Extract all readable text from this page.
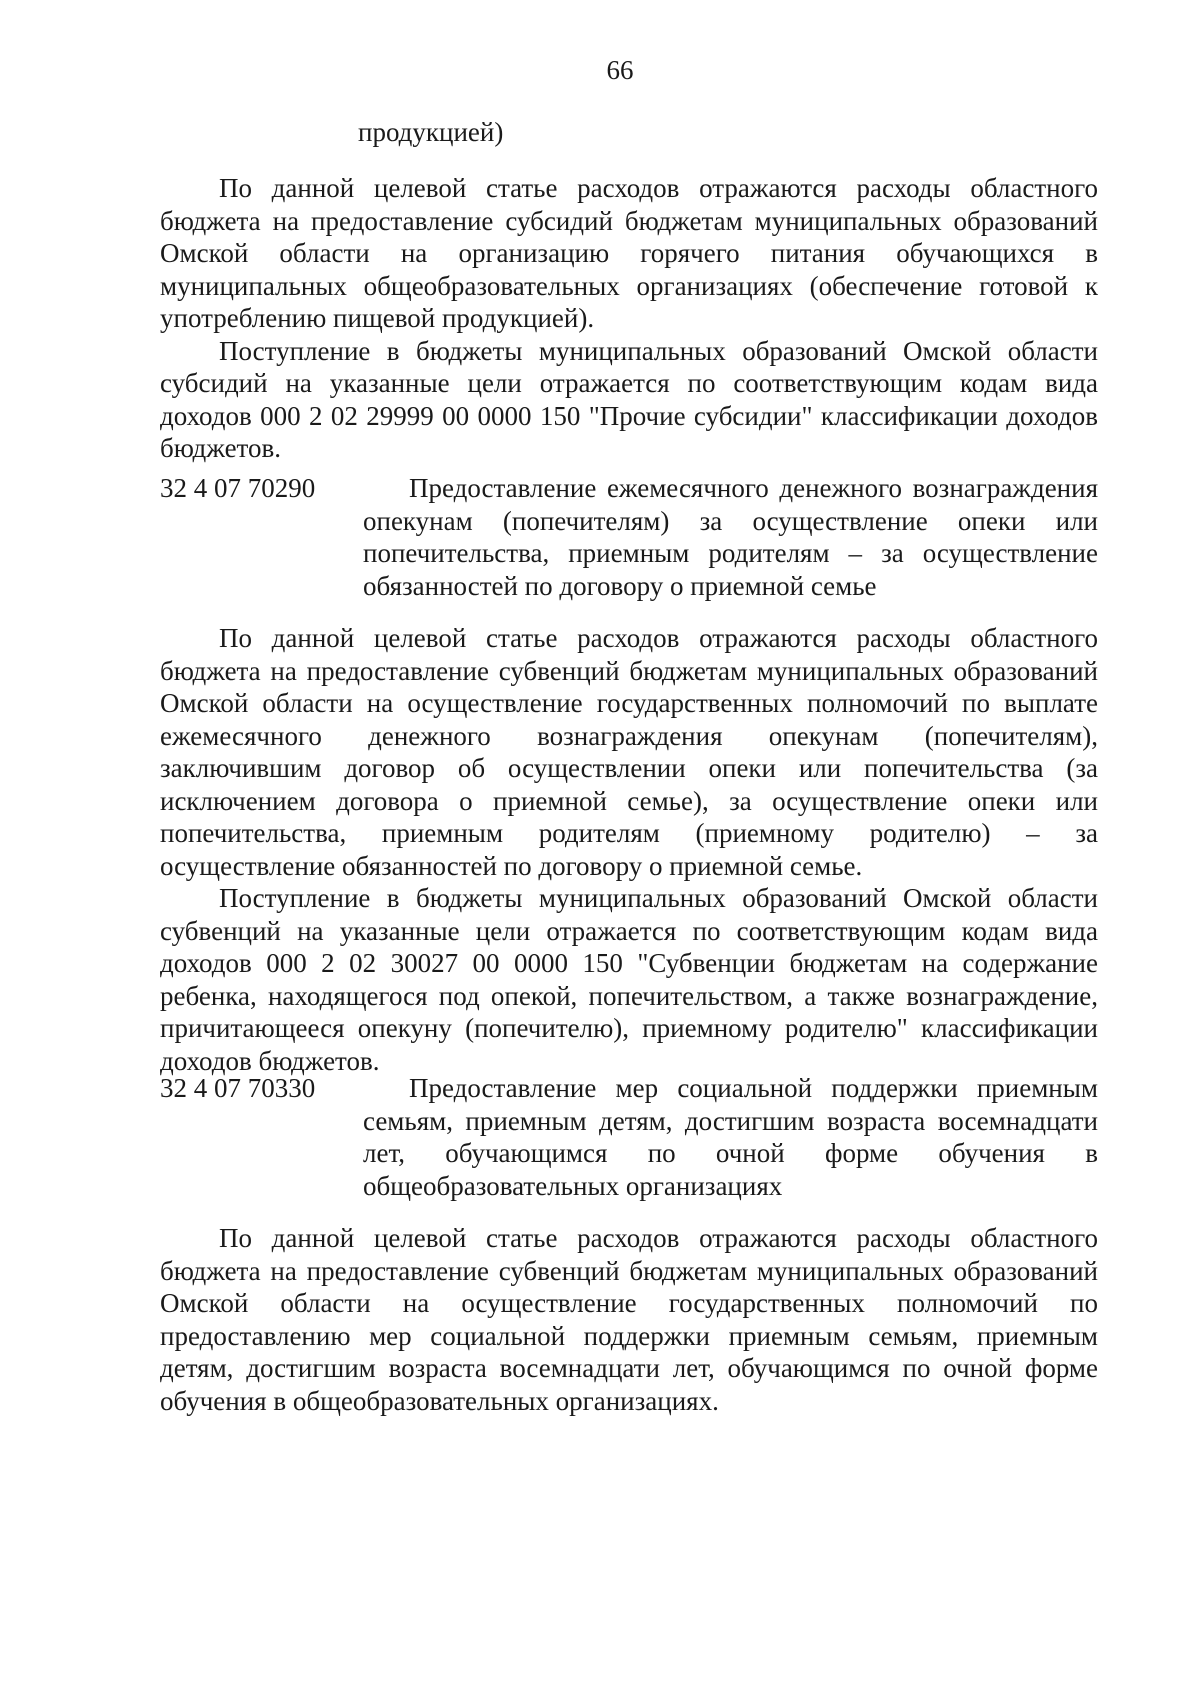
66
продукцией)

По данной целевой статье расходов отражаются расходы областного бюджета на предоставление субсидий бюджетам муниципальных образований Омской области на организацию горячего питания обучающихся в муниципальных общеобразовательных организациях (обеспечение готовой к употреблению пищевой продукцией).

Поступление в бюджеты муниципальных образований Омской области субсидий на указанные цели отражается по соответствующим кодам вида доходов 000 2 02 29999 00 0000 150 "Прочие субсидии" классификации доходов бюджетов.

32 4 07 70290	Предоставление ежемесячного денежного вознаграждения опекунам (попечителям) за осуществление опеки или попечительства, приемным родителям – за осуществление обязанностей по договору о приемной семье

По данной целевой статье расходов отражаются расходы областного бюджета на предоставление субвенций бюджетам муниципальных образований Омской области на осуществление государственных полномочий по выплате ежемесячного денежного вознаграждения опекунам (попечителям), заключившим договор об осуществлении опеки или попечительства (за исключением договора о приемной семье), за осуществление опеки или попечительства, приемным родителям (приемному родителю) – за осуществление обязанностей по договору о приемной семье.

Поступление в бюджеты муниципальных образований Омской области субвенций на указанные цели отражается по соответствующим кодам вида доходов 000 2 02 30027 00 0000 150 "Субвенции бюджетам на содержание ребенка, находящегося под опекой, попечительством, а также вознаграждение, причитающееся опекуну (попечителю), приемному родителю" классификации доходов бюджетов.

32 4 07 70330	Предоставление мер социальной поддержки приемным семьям, приемным детям, достигшим возраста восемнадцати лет, обучающимся по очной форме обучения в общеобразовательных организациях

По данной целевой статье расходов отражаются расходы областного бюджета на предоставление субвенций бюджетам муниципальных образований Омской области на осуществление государственных полномочий по предоставлению мер социальной поддержки приемным семьям, приемным детям, достигшим возраста восемнадцати лет, обучающимся по очной форме обучения в общеобразовательных организациях.
